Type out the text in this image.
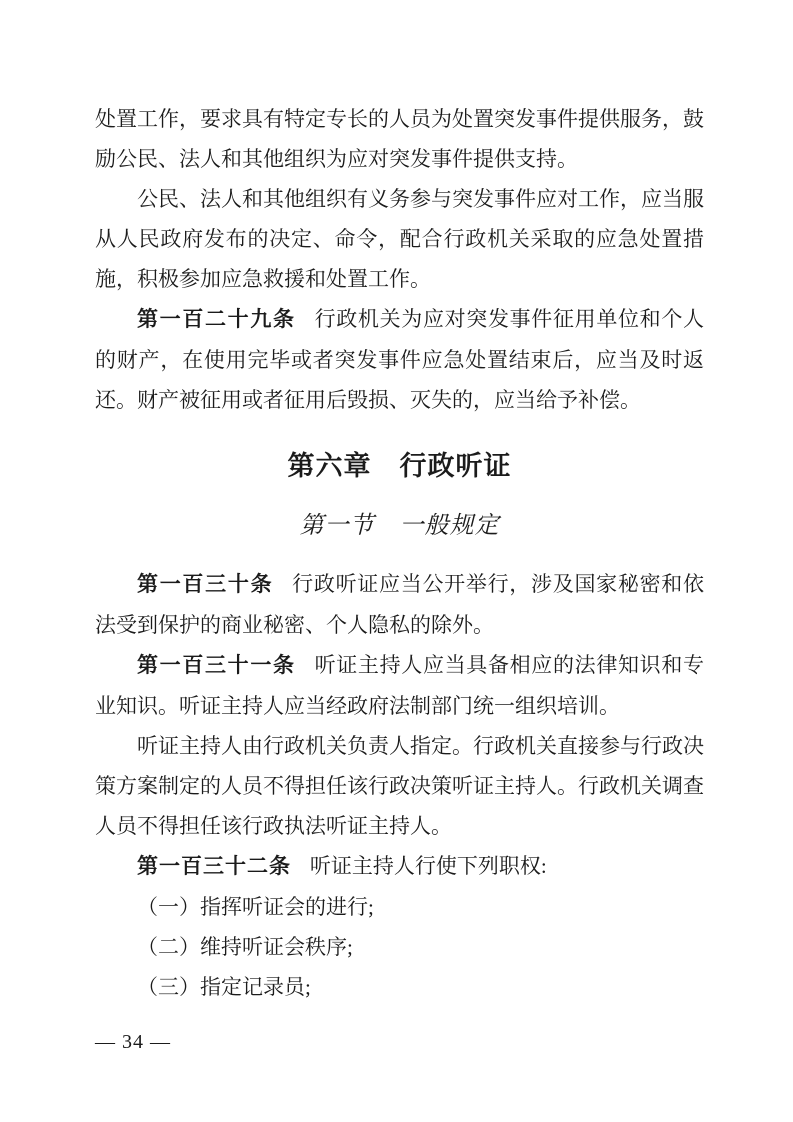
处置工作，要求具有特定专长的人员为处置突发事件提供服务，鼓励公民、法人和其他组织为应对突发事件提供支持。

公民、法人和其他组织有义务参与突发事件应对工作，应当服从人民政府发布的决定、命令，配合行政机关采取的应急处置措施，积极参加应急救援和处置工作。

第一百二十九条 行政机关为应对突发事件征用单位和个人的财产，在使用完毕或者突发事件应急处置结束后，应当及时返还。财产被征用或者征用后毁损、灭失的，应当给予补偿。

第六章　行政听证
第一节　一般规定

第一百三十条 行政听证应当公开举行，涉及国家秘密和依法受到保护的商业秘密、个人隐私的除外。

第一百三十一条 听证主持人应当具备相应的法律知识和专业知识。听证主持人应当经政府法制部门统一组织培训。

听证主持人由行政机关负责人指定。行政机关直接参与行政决策方案制定的人员不得担任该行政决策听证主持人。行政机关调查人员不得担任该行政执法听证主持人。

第一百三十二条 听证主持人行使下列职权:

（一）指挥听证会的进行;

（二）维持听证会秩序;

（三）指定记录员;

— 34 —
